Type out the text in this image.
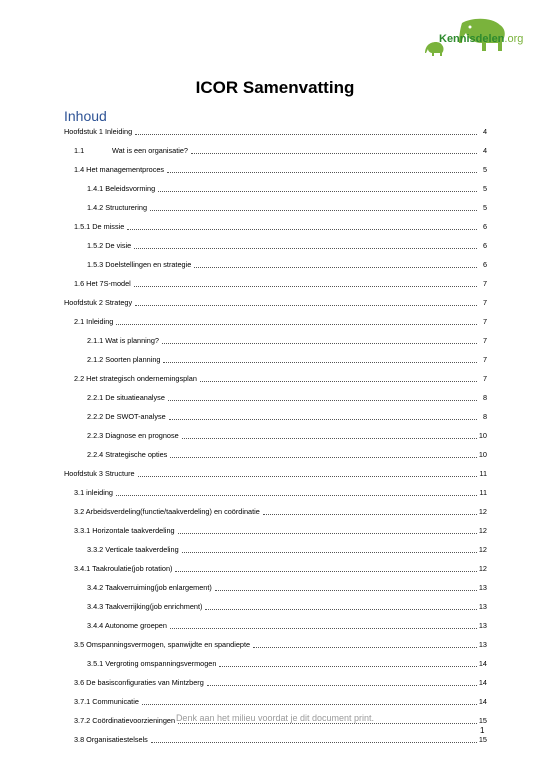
Kennisdelen.org
ICOR Samenvatting
Inhoud
Hoofdstuk 1 Inleiding	4
1.1	Wat is een organisatie?	4
1.4 Het managementproces	5
1.4.1 Beleidsvorming	5
1.4.2 Structurering	5
1.5.1 De missie	6
1.5.2 De visie	6
1.5.3 Doelstellingen en strategie	6
1.6 Het 7S-model	7
Hoofdstuk 2 Strategy	7
2.1 Inleiding	7
2.1.1 Wat is planning?	7
2.1.2 Soorten planning	7
2.2 Het strategisch ondernemingsplan	7
2.2.1 De situatieanalyse	8
2.2.2 De SWOT-analyse	8
2.2.3 Diagnose en prognose	10
2.2.4 Strategische opties	10
Hoofdstuk 3 Structure	11
3.1 inleiding	11
3.2 Arbeidsverdeling(functie/taakverdeling) en coördinatie	12
3.3.1 Horizontale taakverdeling	12
3.3.2 Verticale taakverdeling	12
3.4.1 Taakroulatie(job rotation)	12
3.4.2 Taakverruiming(job enlargement)	13
3.4.3 Taakverrijking(job enrichment)	13
3.4.4 Autonome groepen	13
3.5 Omspanningsvermogen, spanwijdte en spandiepte	13
3.5.1 Vergroting omspanningsvermogen	14
3.6 De basisconfiguraties van Mintzberg	14
3.7.1 Communicatie	14
3.7.2 Coördinatievoorzieningen	15
3.8 Organisatiestelsels	15
Denk aan het milieu voordat je dit document print.
1
